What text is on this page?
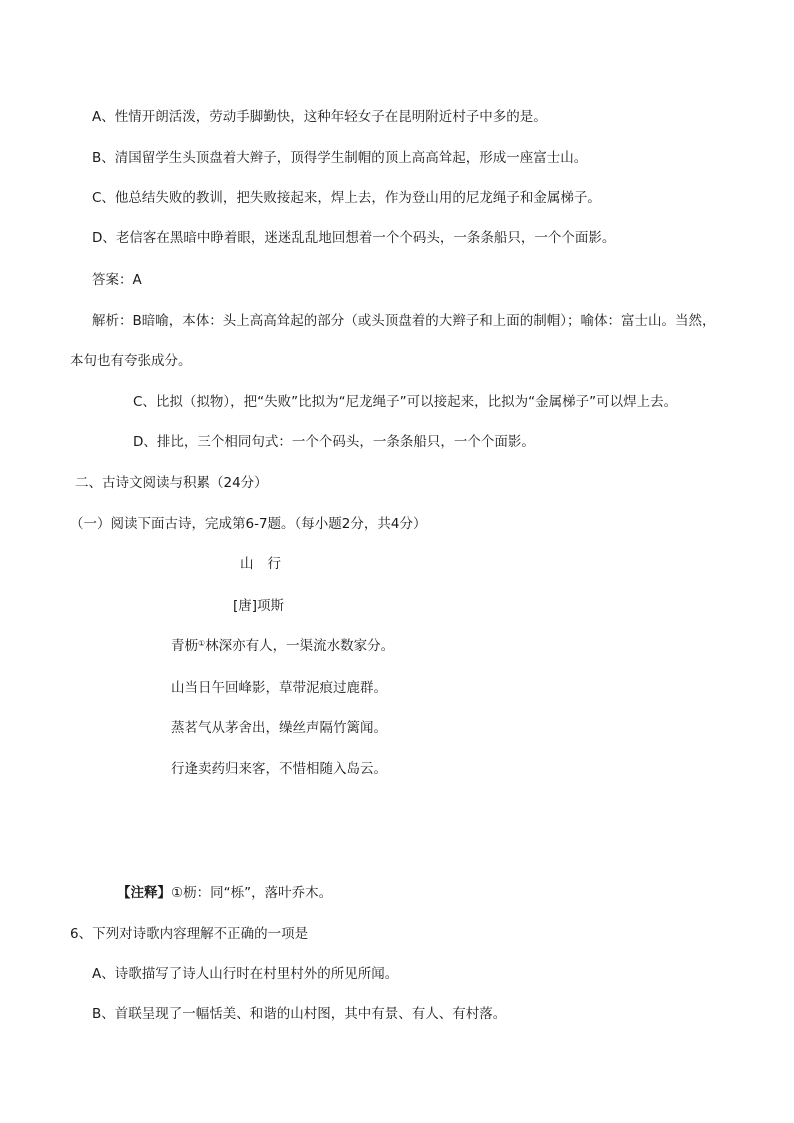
A、性情开朗活泼，劳动手脚勤快，这种年轻女子在昆明附近村子中多的是。
B、清国留学生头顶盘着大辫子，顶得学生制帽的顶上高高耸起，形成一座富士山。
C、他总结失败的教训，把失败接起来，焊上去，作为登山用的尼龙绳子和金属梯子。
D、老信客在黑暗中睁着眼，迷迷乱乱地回想着一个个码头，一条条船只，一个个面影。
答案：A
解析：B暗喻，本体：头上高高耸起的部分（或头顶盘着的大辫子和上面的制帽）；喻体：富士山。当然，
本句也有夸张成分。
C、比拟（拟物），把“失败”比拟为“尼龙绳子”可以接起来，比拟为“金属梯子”可以焊上去。
D、排比，三个相同句式：一个个码头，一条条船只，一个个面影。
二、古诗文阅读与积累（24分）
（一）阅读下面古诗，完成第6-7题。（每小题2分，共4分）
山 行
[唐]项斯
青枥①林深亦有人，一渠流水数家分。
山当日午回峰影，草带泥痕过鹿群。
蒸茗气从茅舍出，缲丝声隔竹篱闻。
行逢卖药归来客，不惜相随入岛云。
【注释】①枥：同“栎”，落叶乔木。
6、下列对诗歌内容理解不正确的一项是
A、诗歌描写了诗人山行时在村里村外的所见所闻。
B、首联呈现了一幅恬美、和谐的山村图，其中有景、有人、有村落。
